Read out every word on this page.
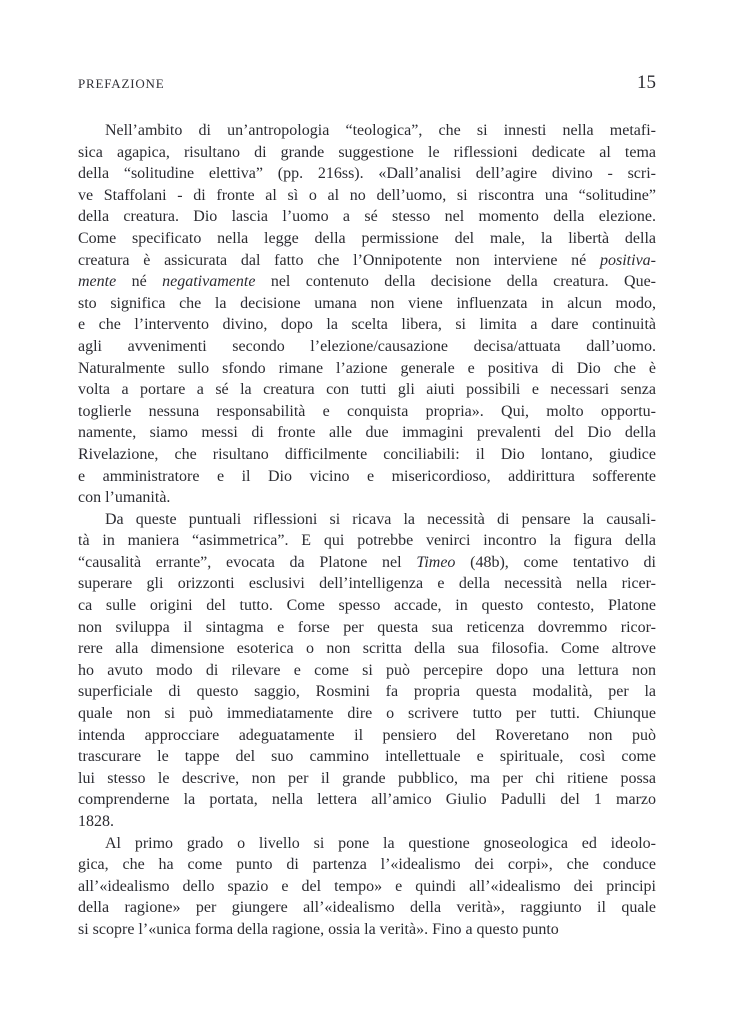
PREFAZIONE	15
Nell’ambito di un’antropologia “teologica”, che si innesti nella metafi-
sica agapica, risultano di grande suggestione le riflessioni dedicate al tema
della “solitudine elettiva” (pp. 216ss). «Dall’analisi dell’agire divino - scri-
ve Staffolani - di fronte al sì o al no dell’uomo, si riscontra una “solitudine”
della creatura. Dio lascia l’uomo a sé stesso nel momento della elezione.
Come specificato nella legge della permissione del male, la libertà della
creatura è assicurata dal fatto che l’Onnipotente non interviene né positiva-
mente né negativamente nel contenuto della decisione della creatura. Que-
sto significa che la decisione umana non viene influenzata in alcun modo,
e che l’intervento divino, dopo la scelta libera, si limita a dare continuità
agli avvenimenti secondo l’elezione/causazione decisa/attuata dall’uomo.
Naturalmente sullo sfondo rimane l’azione generale e positiva di Dio che è
volta a portare a sé la creatura con tutti gli aiuti possibili e necessari senza
toglierle nessuna responsabilità e conquista propria». Qui, molto opportu-
namente, siamo messi di fronte alle due immagini prevalenti del Dio della
Rivelazione, che risultano difficilmente conciliabili: il Dio lontano, giudice
e amministratore e il Dio vicino e misericordioso, addirittura sofferente
con l’umanità.
Da queste puntuali riflessioni si ricava la necessità di pensare la causali-
tà in maniera “asimmetrica”. E qui potrebbe venirci incontro la figura della
“causalità errante”, evocata da Platone nel Timeo (48b), come tentativo di
superare gli orizzonti esclusivi dell’intelligenza e della necessità nella ricer-
ca sulle origini del tutto. Come spesso accade, in questo contesto, Platone
non sviluppa il sintagma e forse per questa sua reticenza dovremmo ricor-
rere alla dimensione esoterica o non scritta della sua filosofia. Come altrove
ho avuto modo di rilevare e come si può percepire dopo una lettura non
superficiale di questo saggio, Rosmini fa propria questa modalità, per la
quale non si può immediatamente dire o scrivere tutto per tutti. Chiunque
intenda approcciare adeguatamente il pensiero del Roveretano non può
trascurare le tappe del suo cammino intellettuale e spirituale, così come
lui stesso le descrive, non per il grande pubblico, ma per chi ritiene possa
comprenderne la portata, nella lettera all’amico Giulio Padulli del 1 marzo
1828.
Al primo grado o livello si pone la questione gnoseologica ed ideolo-
gica, che ha come punto di partenza l’«idealismo dei corpi», che conduce
all’«idealismo dello spazio e del tempo» e quindi all’«idealismo dei principi
della ragione» per giungere all’«idealismo della verità», raggiunto il quale
si scopre l’«unica forma della ragione, ossia la verità». Fino a questo punto
